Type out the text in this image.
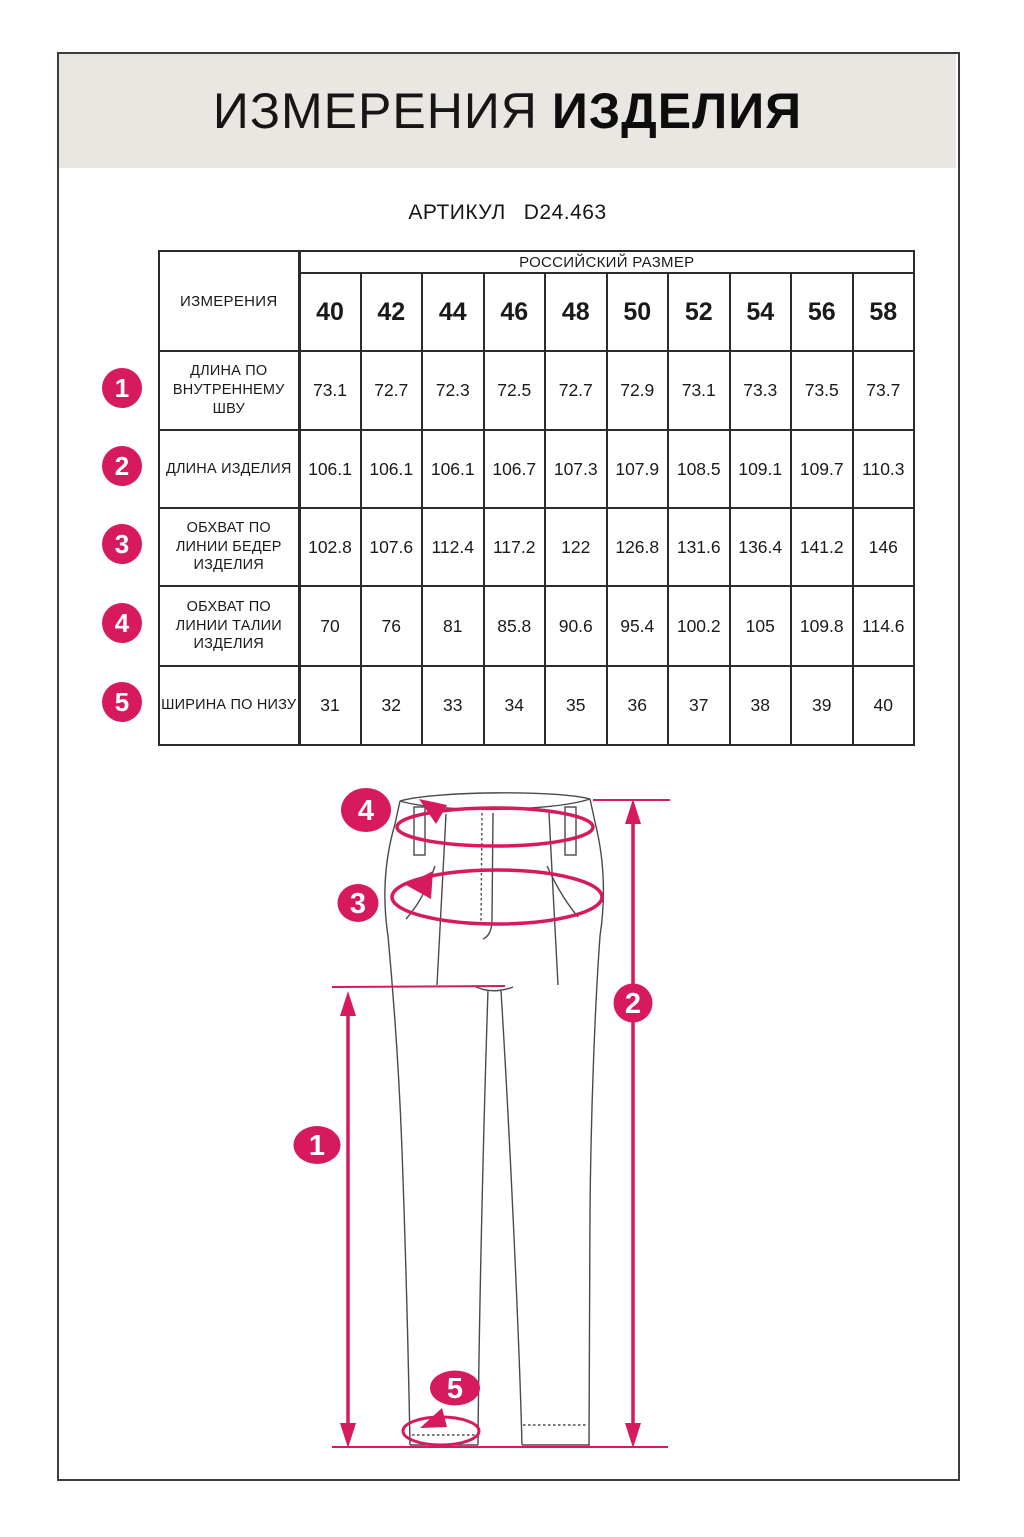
ИЗМЕРЕНИЯ ИЗДЕЛИЯ
АРТИКУЛ D24.463
ИЗМЕРЕНИЯ	РОССИЙСКИЙ РАЗМЕР									
	40	42	44	46	48	50	52	54	56	58
ДЛИНА ПО ВНУТРЕННЕМУ ШВУ	73.1	72.7	72.3	72.5	72.7	72.9	73.1	73.3	73.5	73.7
ДЛИНА ИЗДЕЛИЯ	106.1	106.1	106.1	106.7	107.3	107.9	108.5	109.1	109.7	110.3
ОБХВАТ ПО ЛИНИИ БЕДЕР ИЗДЕЛИЯ	102.8	107.6	112.4	117.2	122	126.8	131.6	136.4	141.2	146
ОБХВАТ ПО ЛИНИИ ТАЛИИ ИЗДЕЛИЯ	70	76	81	85.8	90.6	95.4	100.2	105	109.8	114.6
ШИРИНА ПО НИЗУ	31	32	33	34	35	36	37	38	39	40
1
2
3
4
5
1
2
3
4
5
